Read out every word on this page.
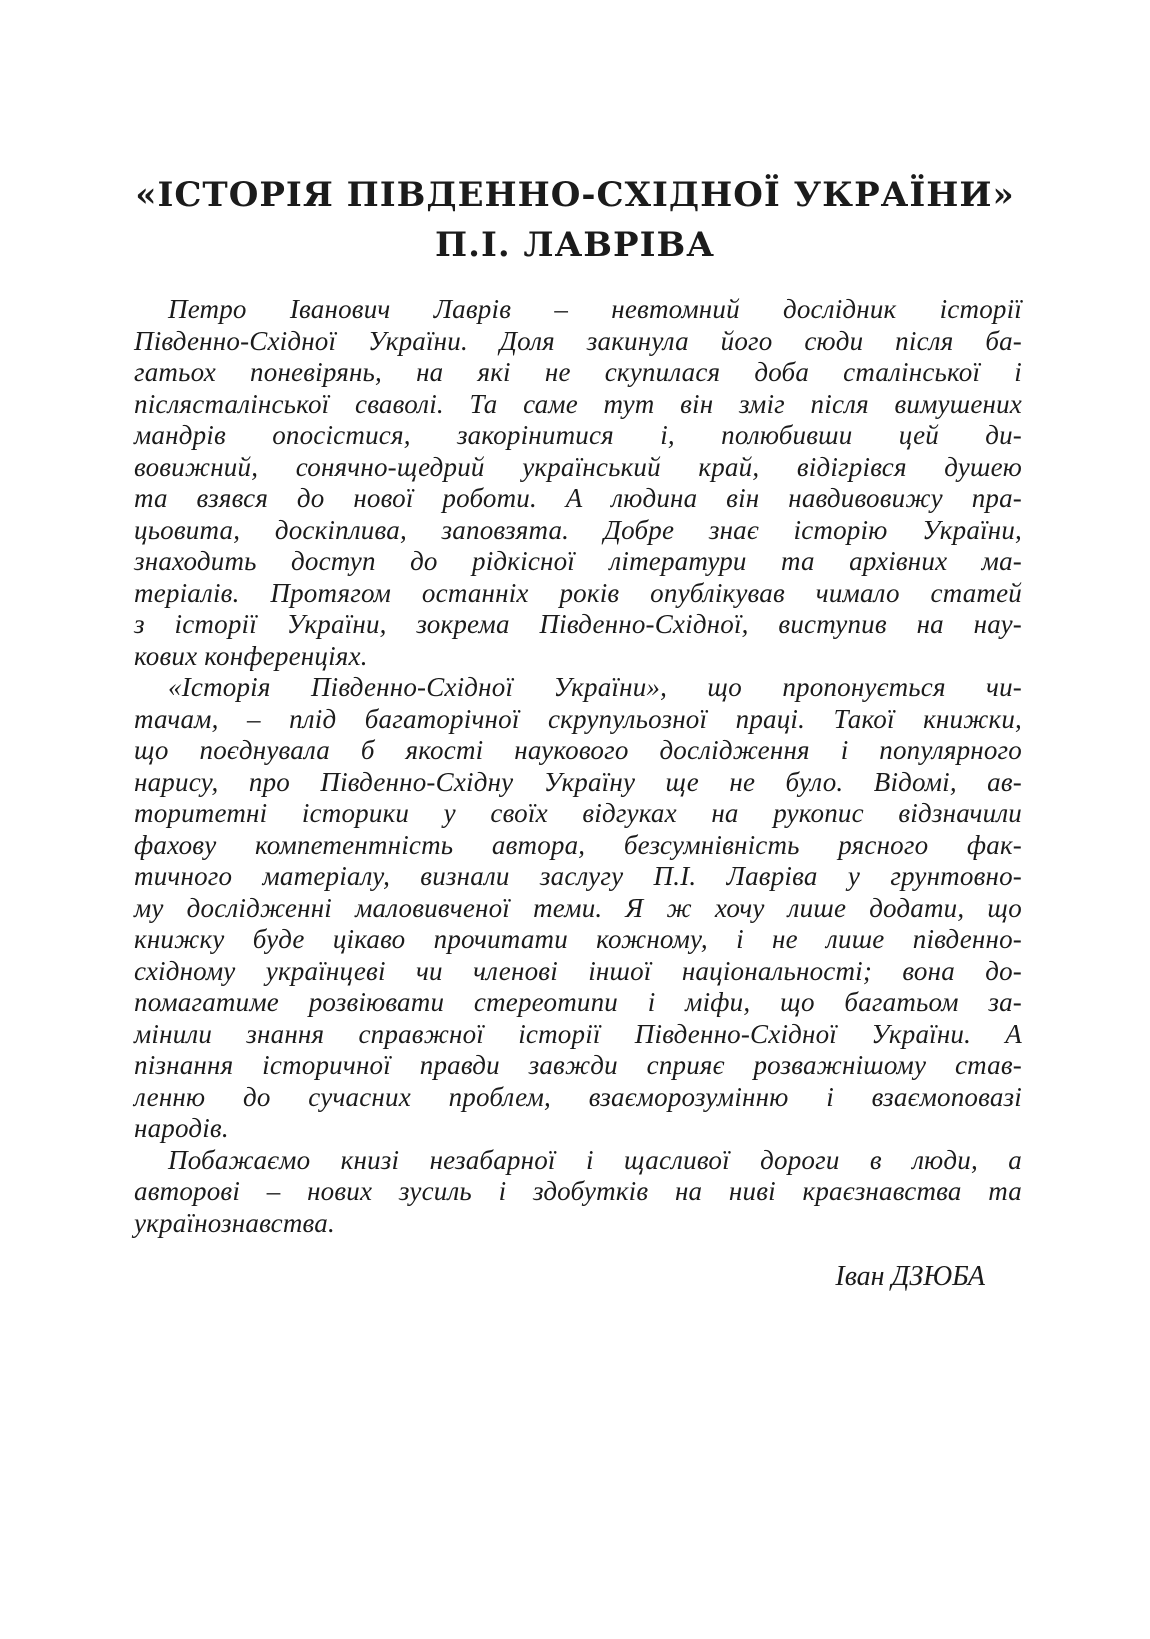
«ІСТОРІЯ ПІВДЕННО-СХІДНОЇ УКРАЇНИ»
П.І. ЛАВРІВА
Петро Іванович Лаврів – невтомний дослідник історії
Південно-Східної України. Доля закинула його сюди після ба-
гатьох поневірянь, на які не скупилася доба сталінської і
післясталінської сваволі. Та саме тут він зміг після вимушених
мандрів опосістися, закорінитися і, полюбивши цей ди-
вовижний, сонячно-щедрий український край, відігрівся душею
та взявся до нової роботи. А людина він навдивовижу пра-
цьовита, доскіплива, заповзята. Добре знає історію України,
знаходить доступ до рідкісної літератури та архівних ма-
теріалів. Протягом останніх років опублікував чимало статей
з історії України, зокрема Південно-Східної, виступив на нау-
кових конференціях.
«Історія Південно-Східної України», що пропонується чи-
тачам, – плід багаторічної скрупульозної праці. Такої книжки,
що поєднувала б якості наукового дослідження і популярного
нарису, про Південно-Східну Україну ще не було. Відомі, ав-
торитетні історики у своїх відгуках на рукопис відзначили
фахову компетентність автора, безсумнівність рясного фак-
тичного матеріалу, визнали заслугу П.І. Лавріва у грунтовно-
му дослідженні маловивченої теми. Я ж хочу лише додати, що
книжку буде цікаво прочитати кожному, і не лише південно-
східному українцеві чи членові іншої національності; вона до-
помагатиме розвіювати стереотипи і міфи, що багатьом за-
мінили знання справжної історії Південно-Східної України. А
пізнання історичної правди завжди сприяє розважнішому став-
ленню до сучасних проблем, взаєморозумінню і взаємоповазі
народів.
Побажаємо книзі незабарної і щасливої дороги в люди, а
авторові – нових зусиль і здобутків на ниві краєзнавства та
українознавства.
Іван ДЗЮБА
